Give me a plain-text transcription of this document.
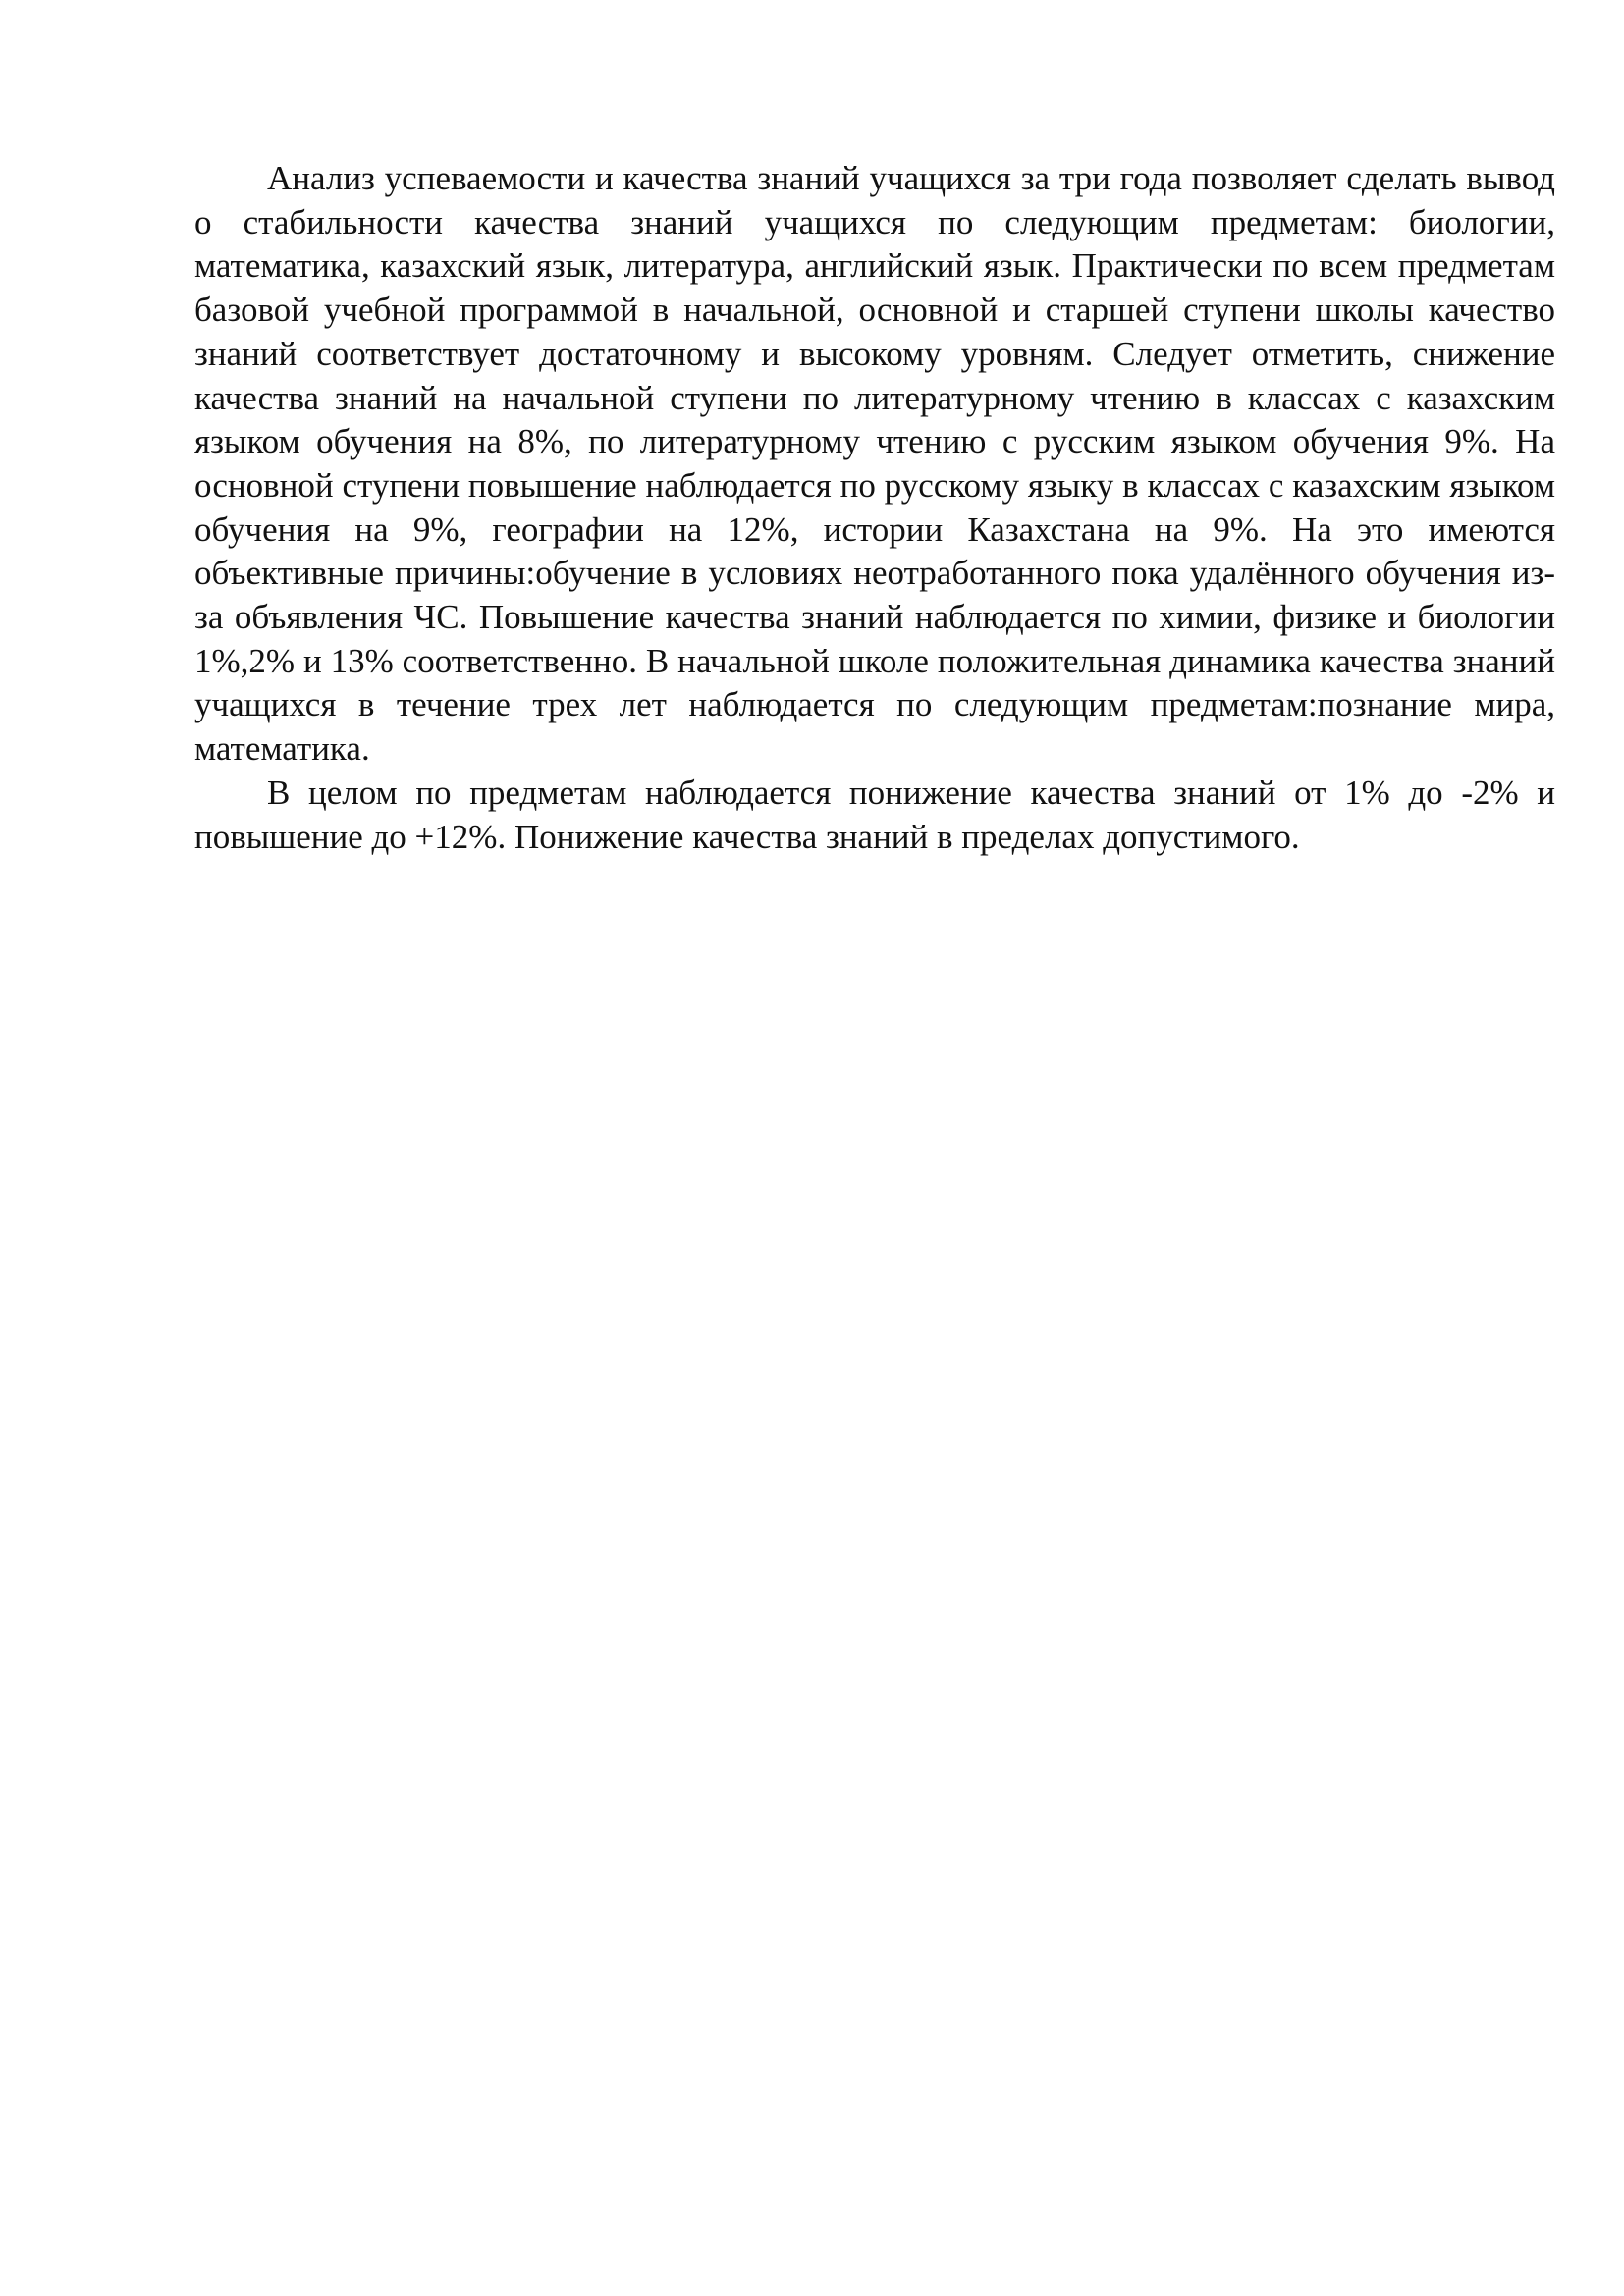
Анализ успеваемости и качества знаний учащихся за три года позволяет сделать вывод о стабильности качества знаний учащихся по следующим предметам: биологии, математика, казахский язык, литература, английский язык. Практически по всем предметам базовой учебной программой в начальной, основной и старшей ступени школы качество знаний соответствует достаточному и высокому уровням. Следует отметить, снижение качества знаний на начальной ступени по литературному чтению в классах с казахским языком обучения на 8%, по литературному чтению с русским языком обучения 9%. На основной ступени повышение наблюдается по русскому языку в классах с казахским языком обучения на 9%, географии на 12%, истории Казахстана на 9%. На это имеются объективные причины:обучение в условиях неотработанного пока удалённого обучения из-за объявления ЧС. Повышение качества знаний наблюдается по химии, физике и биологии 1%,2% и 13% соответственно. В начальной школе положительная динамика качества знаний учащихся в течение трех лет наблюдается по следующим предметам:познание мира, математика.

В целом по предметам наблюдается понижение качества знаний от 1% до -2% и повышение до +12%. Понижение качества знаний в пределах допустимого.
